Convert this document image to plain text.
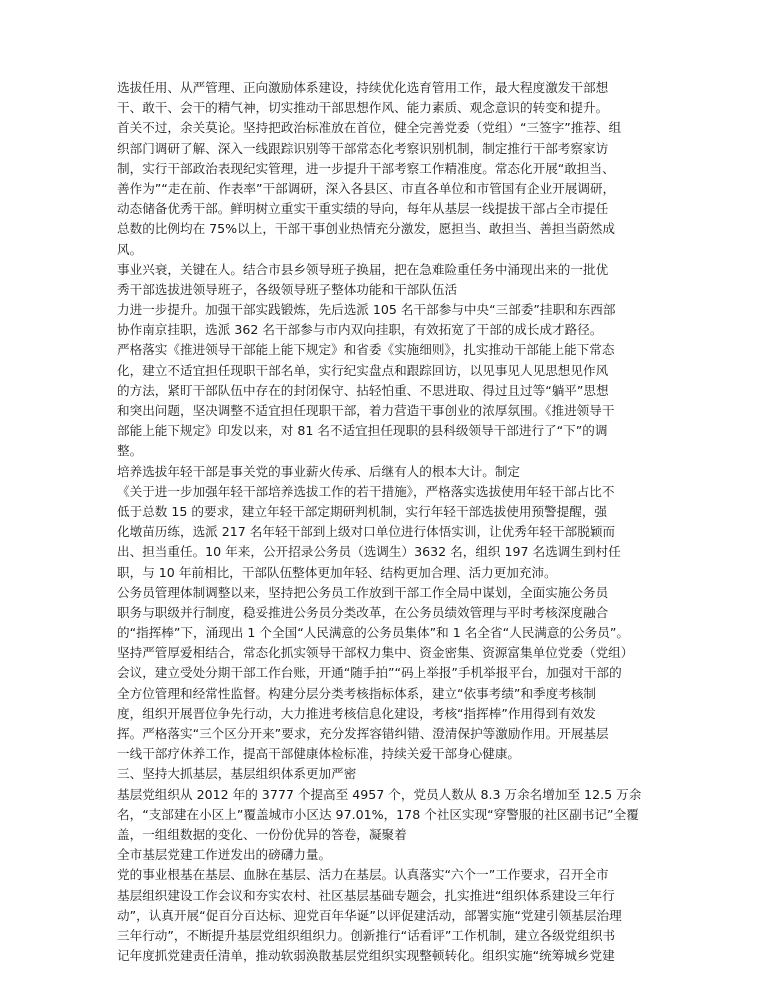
选拔任用、从严管理、正向激励体系建设，持续优化选育管用工作，最大程度激发干部想
干、敢干、会干的精气神，切实推动干部思想作风、能力素质、观念意识的转变和提升。
首关不过，余关莫论。坚持把政治标准放在首位，健全完善党委（党组）“三签字”推荐、组
织部门调研了解、深入一线跟踪识别等干部常态化考察识别机制，制定推行干部考察家访
制，实行干部政治表现纪实管理，进一步提升干部考察工作精准度。常态化开展“敢担当、
善作为”“走在前、作表率”干部调研，深入各县区、市直各单位和市管国有企业开展调研，
动态储备优秀干部。鲜明树立重实干重实绩的导向，每年从基层一线提拔干部占全市提任
总数的比例均在 75%以上，干部干事创业热情充分激发，愿担当、敢担当、善担当蔚然成
风。
事业兴衰，关键在人。结合市县乡领导班子换届，把在急难险重任务中涌现出来的一批优
秀干部选拔进领导班子，各级领导班子整体功能和干部队伍活
力进一步提升。加强干部实践锻炼，先后选派 105 名干部参与中央“三部委”挂职和东西部
协作南京挂职，选派 362 名干部参与市内双向挂职，有效拓宽了干部的成长成才路径。
严格落实《推进领导干部能上能下规定》和省委《实施细则》，扎实推动干部能上能下常态
化，建立不适宜担任现职干部名单，实行纪实盘点和跟踪回访，以见事见人见思想见作风
的方法，紧盯干部队伍中存在的封闭保守、拈轻怕重、不思进取、得过且过等“躺平”思想
和突出问题，坚决调整不适宜担任现职干部，着力营造干事创业的浓厚氛围。《推进领导干
部能上能下规定》印发以来，对 81 名不适宜担任现职的县科级领导干部进行了“下”的调
整。
培养选拔年轻干部是事关党的事业薪火传承、后继有人的根本大计。制定
《关于进一步加强年轻干部培养选拔工作的若干措施》，严格落实选拔使用年轻干部占比不
低于总数 15 的要求，建立年轻干部定期研判机制，实行年轻干部选拔使用预警提醒，强
化墩苗历练，选派 217 名年轻干部到上级对口单位进行体悟实训，让优秀年轻干部脱颖而
出、担当重任。10 年来，公开招录公务员（选调生）3632 名，组织 197 名选调生到村任
职，与 10 年前相比，干部队伍整体更加年轻、结构更加合理、活力更加充沛。
公务员管理体制调整以来，坚持把公务员工作放到干部工作全局中谋划，全面实施公务员
职务与职级并行制度，稳妥推进公务员分类改革，在公务员绩效管理与平时考核深度融合
的“指挥棒”下，涌现出 1 个全国“人民满意的公务员集体”和 1 名全省“人民满意的公务员”。
坚持严管厚爱相结合，常态化抓实领导干部权力集中、资金密集、资源富集单位党委（党组）
会议，建立受处分期干部工作台账，开通“随手拍”“码上举报”手机举报平台，加强对干部的
全方位管理和经常性监督。构建分层分类考核指标体系，建立“依事考绩”和季度考核制
度，组织开展晋位争先行动，大力推进考核信息化建设，考核“指挥棒”作用得到有效发
挥。严格落实“三个区分开来”要求，充分发挥容错纠错、澄清保护等激励作用。开展基层
一线干部疗休养工作，提高干部健康体检标准，持续关爱干部身心健康。
三、坚持大抓基层，基层组织体系更加严密
基层党组织从 2012 年的 3777 个提高至 4957 个，党员人数从 8.3 万余名增加至 12.5 万余
名，“支部建在小区上”覆盖城市小区达 97.01%，178 个社区实现“穿警服的社区副书记”全覆
盖，一组组数据的变化、一份份优异的答卷，凝聚着
全市基层党建工作迸发出的磅礴力量。
党的事业根基在基层、血脉在基层、活力在基层。认真落实“六个一”工作要求，召开全市
基层组织建设工作会议和夯实农村、社区基层基础专题会，扎实推进“组织体系建设三年行
动”，认真开展“促百分百达标、迎党百年华诞”以评促建活动，部署实施“党建引领基层治理
三年行动”，不断提升基层党组织组织力。创新推行“话看评”工作机制，建立各级党组织书
记年度抓党建责任清单，推动软弱涣散基层党组织实现整顿转化。组织实施“统筹城乡党建
